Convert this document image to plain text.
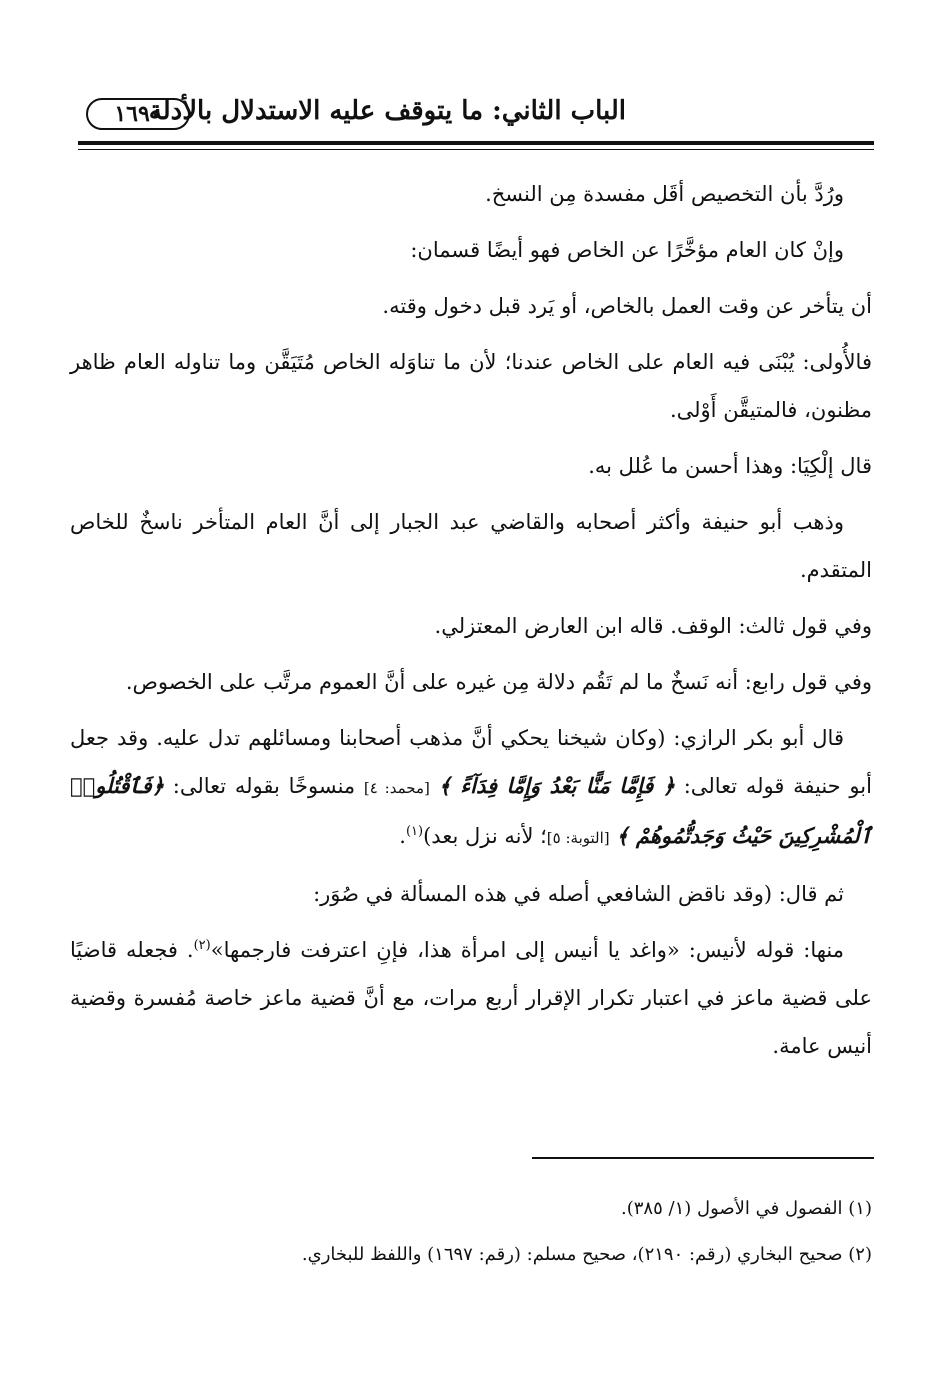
الباب الثاني: ما يتوقف عليه الاستدلال بالأدلة
١٦٩٠

ورُدَّ بأن التخصيص أقَل مفسدة مِن النسخ.

وإنْ كان العام مؤخَّرًا عن الخاص فهو أيضًا قسمان:

أن يتأخر عن وقت العمل بالخاص، أو يَرد قبل دخول وقته.

فالأُولى: يُبْنَى فيه العام على الخاص عندنا؛ لأن ما تناوَله الخاص مُتَيَقَّن وما تناوله العام ظاهر مظنون، فالمتيقَّن أَوْلى.

قال إلْكِيَا: وهذا أحسن ما عُلل به.

وذهب أبو حنيفة وأكثر أصحابه والقاضي عبد الجبار إلى أنَّ العام المتأخر ناسخٌ للخاص المتقدم.

وفي قول ثالث: الوقف. قاله ابن العارض المعتزلي.

وفي قول رابع: أنه نَسخٌ ما لم تَقُم دلالة مِن غيره على أنَّ العموم مرتَّب على الخصوص.

قال أبو بكر الرازي: (وكان شيخنا يحكي أنَّ مذهب أصحابنا ومسائلهم تدل عليه. وقد جعل أبو حنيفة قوله تعالى: ﴿ فَإِمَّا مَنًّا بَعْدُ وَإِمَّا فِدَآءً ﴾ [محمد: ٤] منسوخًا بقوله تعالى: ﴿فَٱقْتُلُوا۟ ٱلْمُشْرِكِينَ حَيْثُ وَجَدتُّمُوهُمْ ﴾ [التوبة: ٥]؛ لأنه نزل بعد)$^{(١)}$.

ثم قال: (وقد ناقض الشافعي أصله في هذه المسألة في صُوَر:

منها: قوله لأنيس: «واغد يا أنيس إلى امرأة هذا، فإنِ اعترفت فارجمها»$^{(٢)}$. فجعله قاضيًا على قضية ماعز في اعتبار تكرار الإقرار أربع مرات، مع أنَّ قضية ماعز خاصة مُفسرة وقضية أنيس عامة.

(١) الفصول في الأصول (١/ ٣٨٥).

(٢) صحيح البخاري (رقم: ٢١٩٠)، صحيح مسلم: (رقم: ١٦٩٧) واللفظ للبخاري.
